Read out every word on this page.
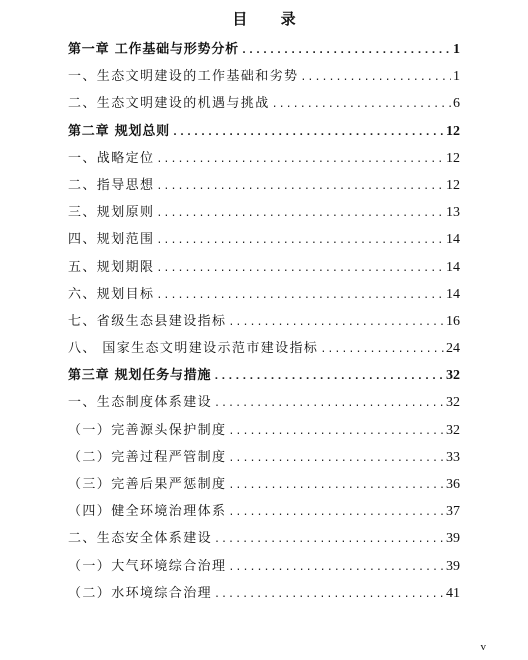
目 录
第一章 工作基础与形势分析 .....	1
一、生态文明建设的工作基础和劣势 .....	1
二、生态文明建设的机遇与挑战 .....	6
第二章 规划总则 .....	12
一、战略定位 .....	12
二、指导思想 .....	12
三、规划原则 .....	13
四、规划范围 .....	14
五、规划期限 .....	14
六、规划目标 .....	14
七、省级生态县建设指标 .....	16
八、 国家生态文明建设示范市建设指标 .....	24
第三章 规划任务与措施 .....	32
一、生态制度体系建设 .....	32
（一）完善源头保护制度 .....	32
（二）完善过程严管制度 .....	33
（三）完善后果严惩制度 .....	36
（四）健全环境治理体系 .....	37
二、生态安全体系建设 .....	39
（一）大气环境综合治理 .....	39
（二）水环境综合治理 .....	41
v
